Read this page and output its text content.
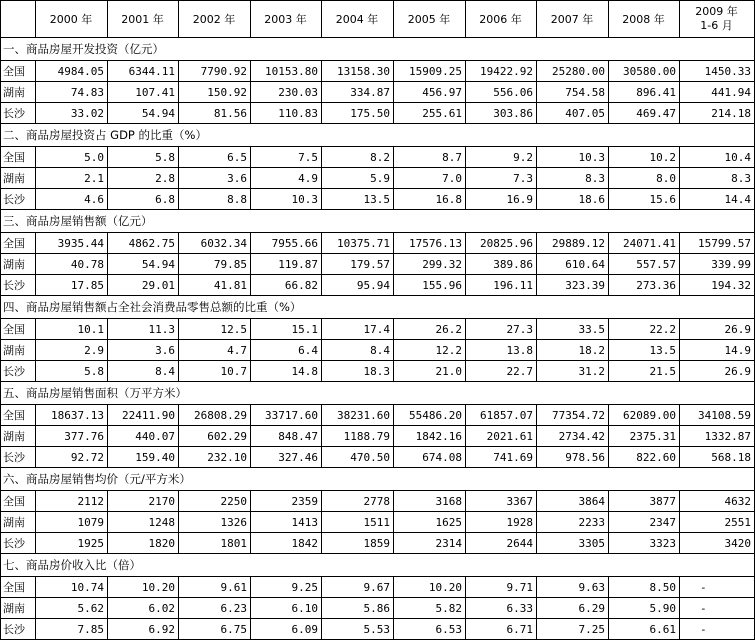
	2000 年	2001 年	2002 年	2003 年	2004 年	2005 年	2006 年	2007 年	2008 年	2009 年
1-6 月

一、商品房屋开发投资（亿元）										
全国	4984.05	6344.11	7790.92	10153.80	13158.30	15909.25	19422.92	25280.00	30580.00	1450.33
湖南	74.83	107.41	150.92	230.03	334.87	456.97	556.06	754.58	896.41	441.94
长沙	33.02	54.94	81.56	110.83	175.50	255.61	303.86	407.05	469.47	214.18
二、商品房屋投资占 GDP 的比重（%）										
全国	5.0	5.8	6.5	7.5	8.2	8.7	9.2	10.3	10.2	10.4
湖南	2.1	2.8	3.6	4.9	5.9	7.0	7.3	8.3	8.0	8.3
长沙	4.6	6.8	8.8	10.3	13.5	16.8	16.9	18.6	15.6	14.4
三、商品房屋销售额（亿元）										
全国	3935.44	4862.75	6032.34	7955.66	10375.71	17576.13	20825.96	29889.12	24071.41	15799.57
湖南	40.78	54.94	79.85	119.87	179.57	299.32	389.86	610.64	557.57	339.99
长沙	17.85	29.01	41.81	66.82	95.94	155.96	196.11	323.39	273.36	194.32
四、商品房屋销售额占全社会消费品零售总额的比重（%）										
全国	10.1	11.3	12.5	15.1	17.4	26.2	27.3	33.5	22.2	26.9
湖南	2.9	3.6	4.7	6.4	8.4	12.2	13.8	18.2	13.5	14.9
长沙	5.8	8.4	10.7	14.8	18.3	21.0	22.7	31.2	21.5	26.9
五、商品房屋销售面积（万平方米）										
全国	18637.13	22411.90	26808.29	33717.60	38231.60	55486.20	61857.07	77354.72	62089.00	34108.59
湖南	377.76	440.07	602.29	848.47	1188.79	1842.16	2021.61	2734.42	2375.31	1332.87
长沙	92.72	159.40	232.10	327.46	470.50	674.08	741.69	978.56	822.60	568.18
六、商品房屋销售均价（元/平方米）										
全国	2112	2170	2250	2359	2778	3168	3367	3864	3877	4632
湖南	1079	1248	1326	1413	1511	1625	1928	2233	2347	2551
长沙	1925	1820	1801	1842	1859	2314	2644	3305	3323	3420
七、商品房价收入比（倍）										
全国	10.74	10.20	9.61	9.25	9.67	10.20	9.71	9.63	8.50	-
湖南	5.62	6.02	6.23	6.10	5.86	5.82	6.33	6.29	5.90	-
长沙	7.85	6.92	6.75	6.09	5.53	6.53	6.71	7.25	6.61	-
